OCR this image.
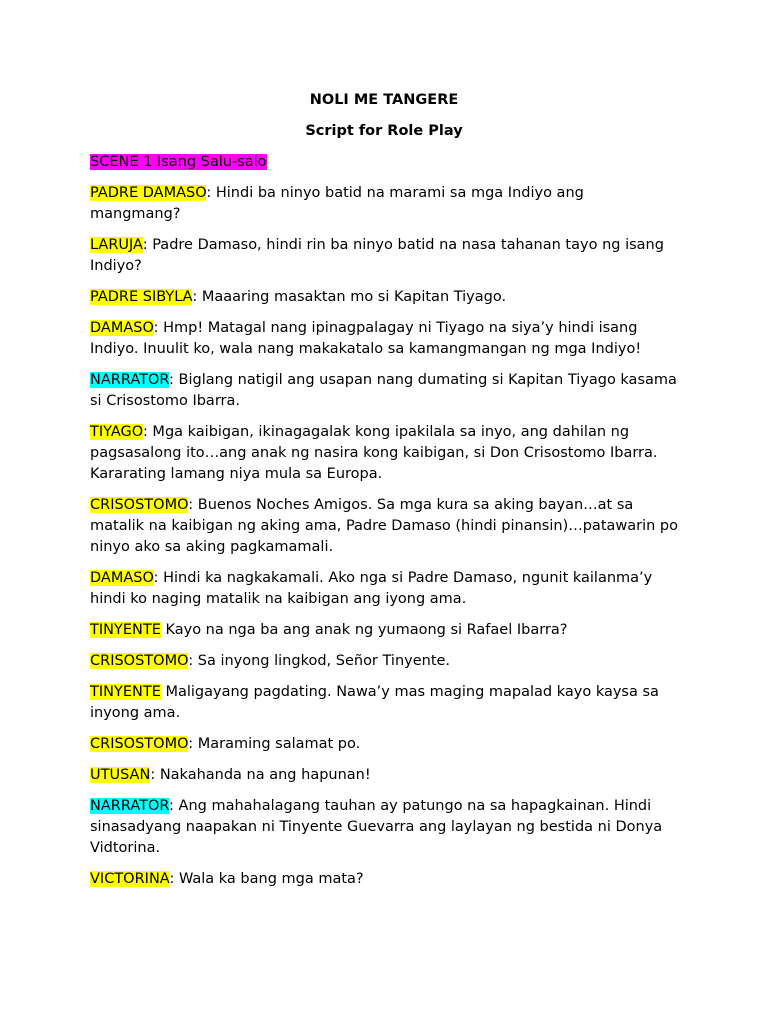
NOLI ME TANGERE
Script for Role Play
SCENE 1 Isang Salu-salo
PADRE DAMASO: Hindi ba ninyo batid na marami sa mga Indiyo ang mangmang?
LARUJA: Padre Damaso, hindi rin ba ninyo batid na nasa tahanan tayo ng isang Indiyo?
PADRE SIBYLA: Maaaring masaktan mo si Kapitan Tiyago.
DAMASO: Hmp! Matagal nang ipinagpalagay ni Tiyago na siya’y hindi isang Indiyo. Inuulit ko, wala nang makakatalo sa kamangmangan ng mga Indiyo!
NARRATOR: Biglang natigil ang usapan nang dumating si Kapitan Tiyago kasama si Crisostomo Ibarra.
TIYAGO: Mga kaibigan, ikinagagalak kong ipakilala sa inyo, ang dahilan ng pagsasalong ito…ang anak ng nasira kong kaibigan, si Don Crisostomo Ibarra. Kararating lamang niya mula sa Europa.
CRISOSTOMO: Buenos Noches Amigos. Sa mga kura sa aking bayan…at sa matalik na kaibigan ng aking ama, Padre Damaso (hindi pinansin)…patawarin po ninyo ako sa aking pagkamamali.
DAMASO: Hindi ka nagkakamali. Ako nga si Padre Damaso, ngunit kailanma’y hindi ko naging matalik na kaibigan ang iyong ama.
TINYENTE Kayo na nga ba ang anak ng yumaong si Rafael Ibarra?
CRISOSTOMO: Sa inyong lingkod, Señor Tinyente.
TINYENTE Maligayang pagdating. Nawa’y mas maging mapalad kayo kaysa sa inyong ama.
CRISOSTOMO: Maraming salamat po.
UTUSAN: Nakahanda na ang hapunan!
NARRATOR: Ang mahahalagang tauhan ay patungo na sa hapagkainan. Hindi sinasadyang naapakan ni Tinyente Guevarra ang laylayan ng bestida ni Donya Vidtorina.
VICTORINA: Wala ka bang mga mata?
